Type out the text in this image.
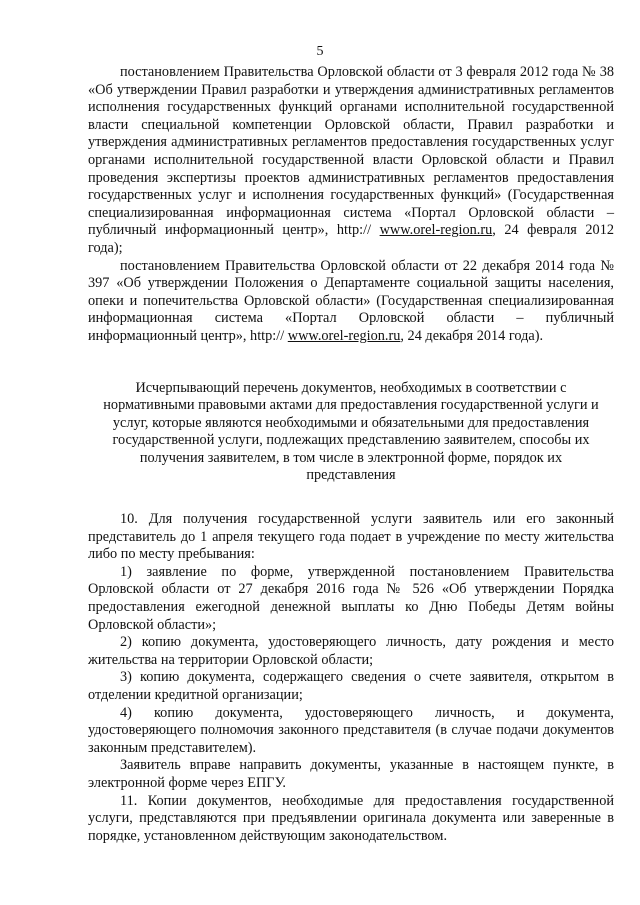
5

постановлением Правительства Орловской области от 3 февраля 2012 года № 38 «Об утверждении Правил разработки и утверждения административных регламентов исполнения государственных функций органами исполнительной государственной власти специальной компетенции Орловской области, Правил разработки и утверждения административных регламентов предоставления государственных услуг органами исполнительной государственной власти Орловской области и Правил проведения экспертизы проектов административных регламентов предоставления государственных услуг и исполнения государственных функций» (Государственная специализированная информационная система «Портал Орловской области – публичный информационный центр», http:// www.orel-region.ru, 24 февраля 2012 года);

постановлением Правительства Орловской области от 22 декабря 2014 года № 397 «Об утверждении Положения о Департаменте социальной защиты населения, опеки и попечительства Орловской области» (Государственная специализированная информационная система «Портал Орловской области – публичный информационный центр», http:// www.orel-region.ru, 24 декабря 2014 года).

Исчерпывающий перечень документов, необходимых в соответствии с нормативными правовыми актами для предоставления государственной услуги и услуг, которые являются необходимыми и обязательными для предоставления государственной услуги, подлежащих представлению заявителем, способы их получения заявителем, в том числе в электронной форме, порядок их представления

10. Для получения государственной услуги заявитель или его законный представитель до 1 апреля текущего года подает в учреждение по месту жительства либо по месту пребывания:

1) заявление по форме, утвержденной постановлением Правительства Орловской области от 27 декабря 2016 года № 526 «Об утверждении Порядка предоставления ежегодной денежной выплаты ко Дню Победы Детям войны Орловской области»;

2) копию документа, удостоверяющего личность, дату рождения и место жительства на территории Орловской области;

3) копию документа, содержащего сведения о счете заявителя, открытом в отделении кредитной организации;

4) копию документа, удостоверяющего личность, и документа, удостоверяющего полномочия законного представителя (в случае подачи документов законным представителем).

Заявитель вправе направить документы, указанные в настоящем пункте, в электронной форме через ЕПГУ.

11. Копии документов, необходимые для предоставления государственной услуги, представляются при предъявлении оригинала документа или заверенные в порядке, установленном действующим законодательством.
